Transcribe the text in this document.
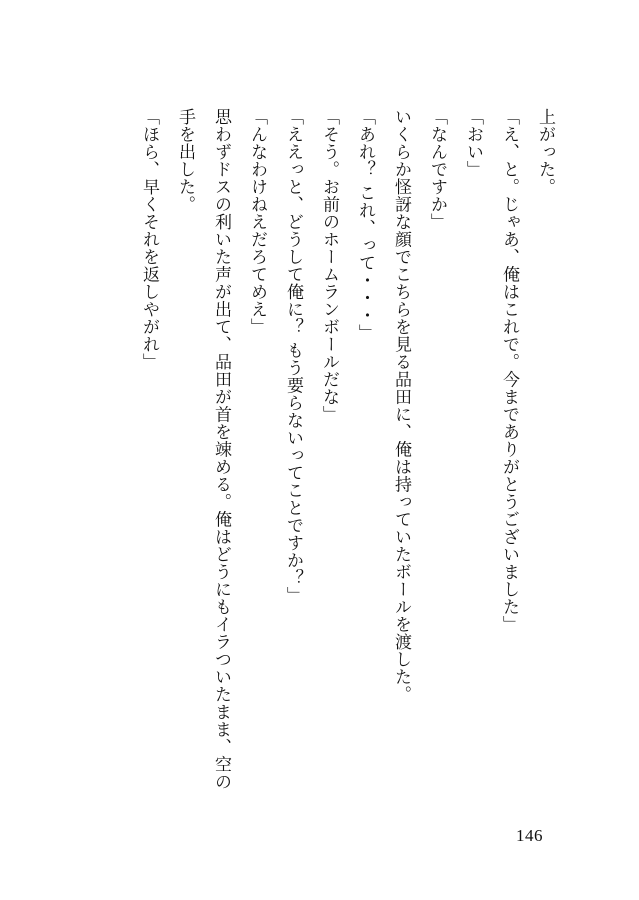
上がった。

「え、と。じゃあ、俺はこれで。今までありがとうございました」

「おい」

「なんですか」

いくらか怪訝な顔でこちらを見る品田に、俺は持っていたボールを渡した。

「あれ？ これ、って・・・」

「そう。お前のホームランボールだな」

「ええっと、どうして俺に？ もう要らないってことですか？」

「んなわけねえだろてめえ」

思わずドスの利いた声が出て、品田が首を竦める。俺はどうにもイラついたまま、空の

手を出した。

「ほら、早くそれを返しやがれ」

146
